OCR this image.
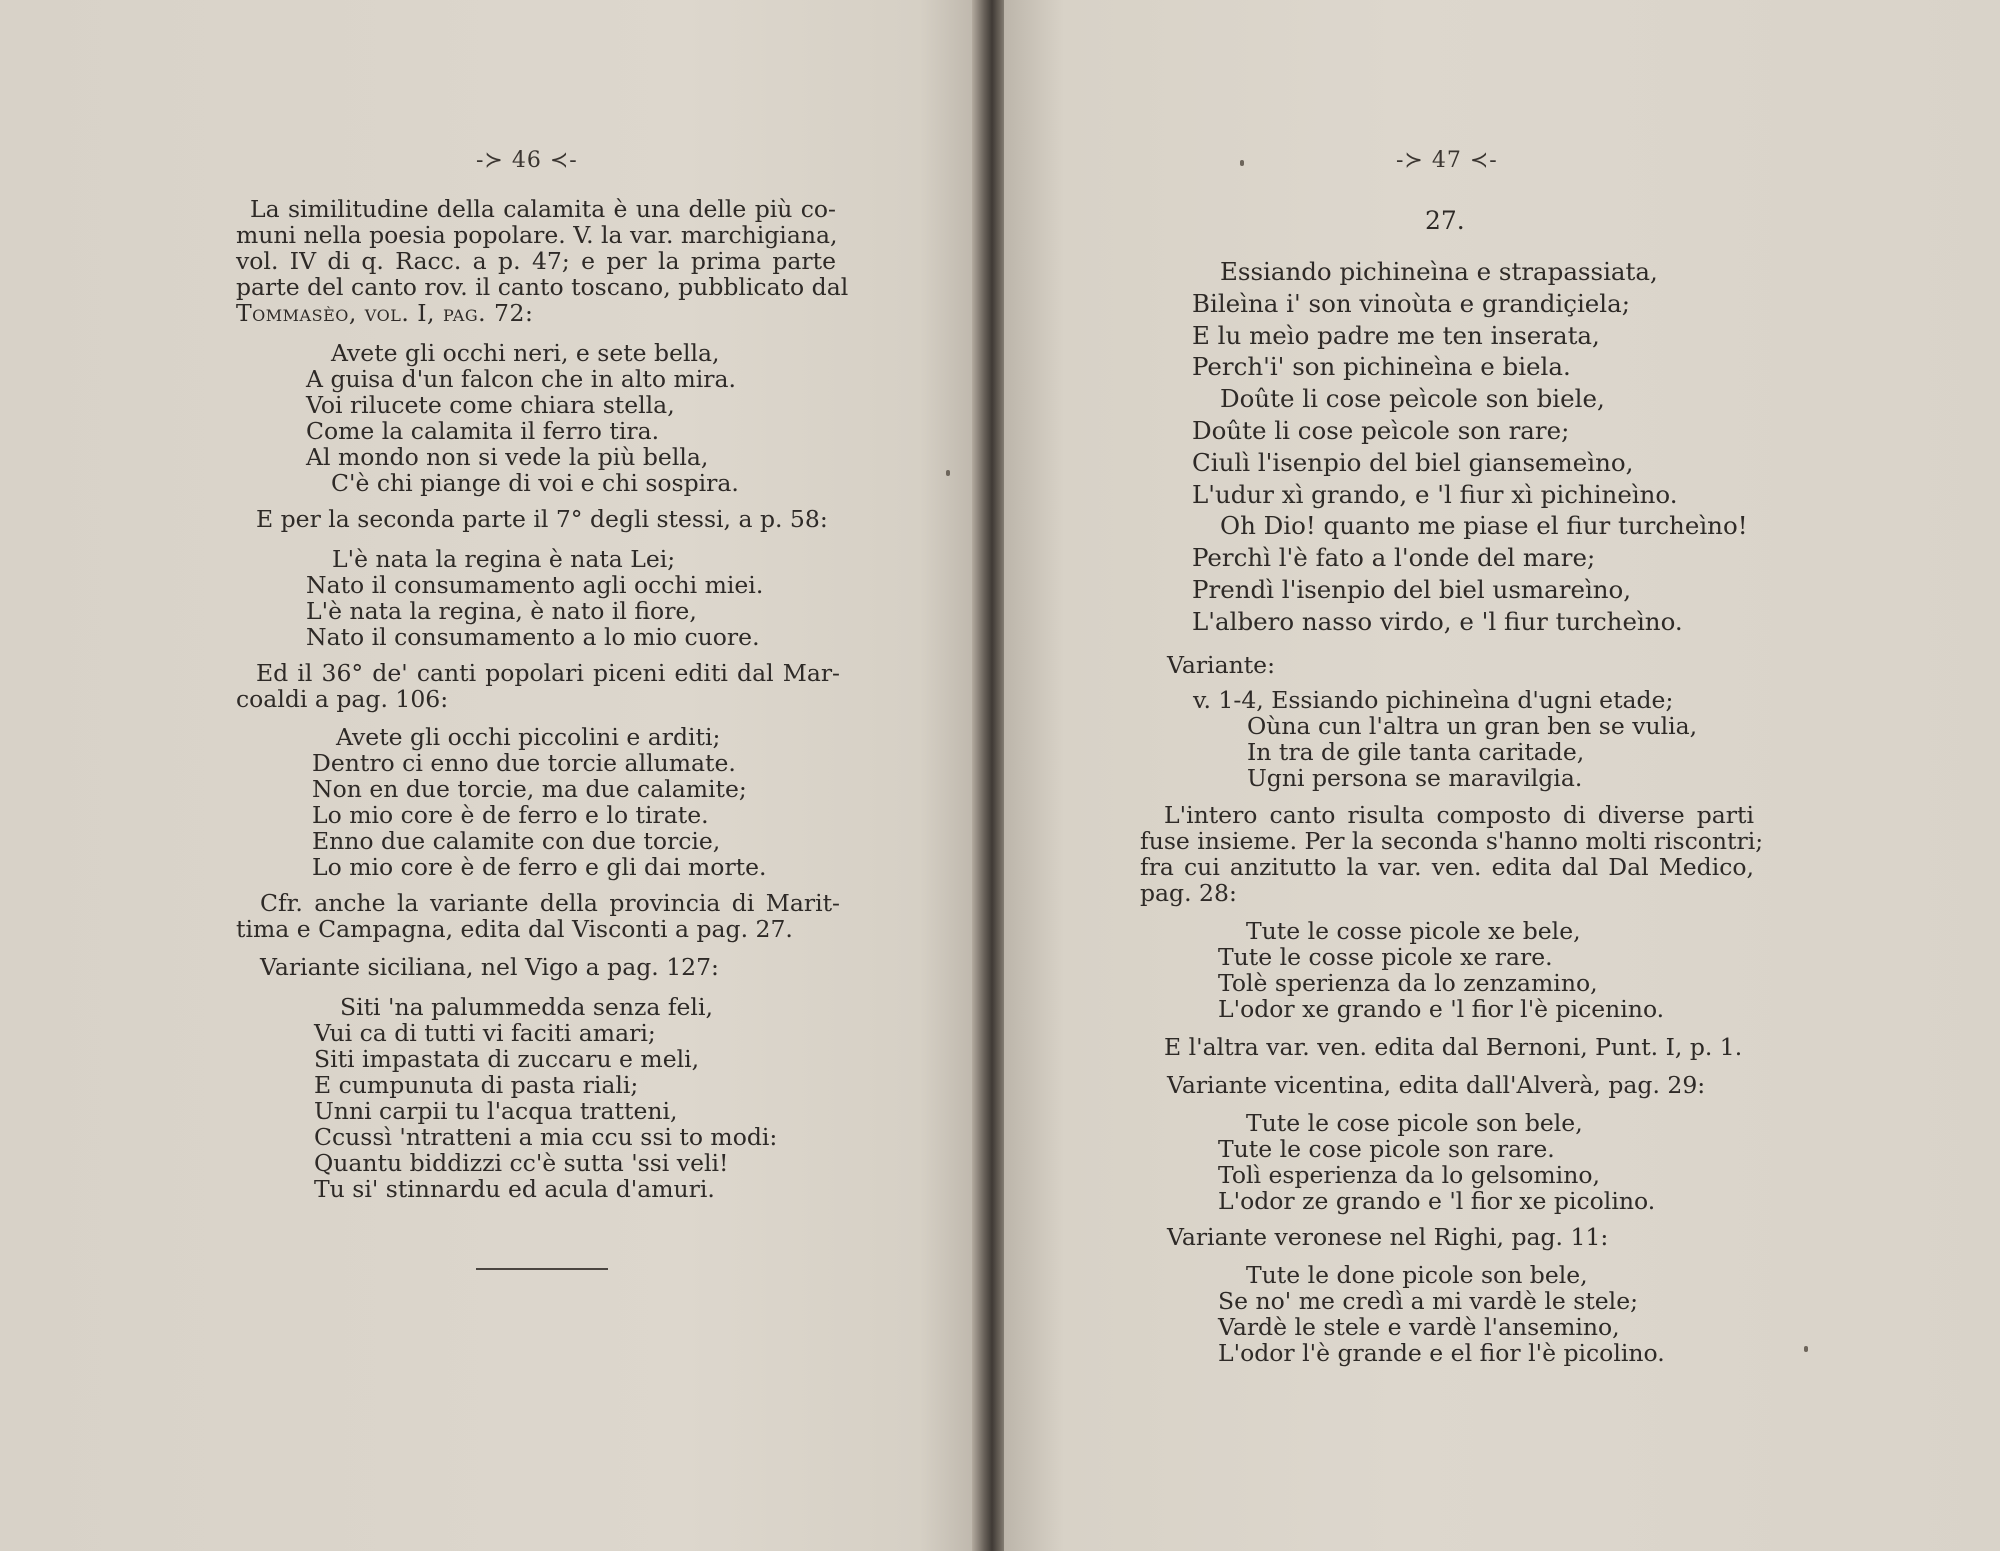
-≻ 46 ≺-
La similitudine della calamita è una delle più co-
muni nella poesia popolare. V. la var. marchigiana,
vol. IV di q. Racc. a p. 47; e per la prima parte
parte del canto rov. il canto toscano, pubblicato dal
Tommasèo, vol. I, pag. 72:
Avete gli occhi neri, e sete bella,
A guisa d'un falcon che in alto mira.
Voi rilucete come chiara stella,
Come la calamita il ferro tira.
Al mondo non si vede la più bella,
C'è chi piange di voi e chi sospira.
E per la seconda parte il 7° degli stessi, a p. 58:
L'è nata la regina è nata Lei;
Nato il consumamento agli occhi miei.
L'è nata la regina, è nato il fiore,
Nato il consumamento a lo mio cuore.
Ed il 36° de' canti popolari piceni editi dal Mar-
coaldi a pag. 106:
Avete gli occhi piccolini e arditi;
Dentro ci enno due torcie allumate.
Non en due torcie, ma due calamite;
Lo mio core è de ferro e lo tirate.
Enno due calamite con due torcie,
Lo mio core è de ferro e gli dai morte.
Cfr. anche la variante della provincia di Marit-
tima e Campagna, edita dal Visconti a pag. 27.
Variante siciliana, nel Vigo a pag. 127:
Siti 'na palummedda senza feli,
Vui ca di tutti vi faciti amari;
Siti impastata di zuccaru e meli,
E cumpunuta di pasta riali;
Unni carpii tu l'acqua tratteni,
Ccussì 'ntratteni a mia ccu ssi to modi:
Quantu biddizzi cc'è sutta 'ssi veli!
Tu si' stinnardu ed acula d'amuri.
-≻ 47 ≺-
27.
Essiando pichineìna e strapassiata,
Bileìna i' son vinoùta e grandiçiela;
E lu meìo padre me ten inserata,
Perch'i' son pichineìna e biela.
Doûte li cose peìcole son biele,
Doûte li cose peìcole son rare;
Ciulì l'isenpio del biel giansemeìno,
L'udur xì grando, e 'l fiur xì pichineìno.
Oh Dio! quanto me piase el fiur turcheìno!
Perchì l'è fato a l'onde del mare;
Prendì l'isenpio del biel usmareìno,
L'albero nasso virdo, e 'l fiur turcheìno.
Variante:
v. 1-4, Essiando pichineìna d'ugni etade;
Oùna cun l'altra un gran ben se vulia,
In tra de gile tanta caritade,
Ugni persona se maravilgia.
L'intero canto risulta composto di diverse parti
fuse insieme. Per la seconda s'hanno molti riscontri;
fra cui anzitutto la var. ven. edita dal Dal Medico,
pag. 28:
Tute le cosse picole xe bele,
Tute le cosse picole xe rare.
Tolè sperienza da lo zenzamino,
L'odor xe grando e 'l fior l'è picenino.
E l'altra var. ven. edita dal Bernoni, Punt. I, p. 1.
Variante vicentina, edita dall'Alverà, pag. 29:
Tute le cose picole son bele,
Tute le cose picole son rare.
Tolì esperienza da lo gelsomino,
L'odor ze grando e 'l fior xe picolino.
Variante veronese nel Righi, pag. 11:
Tute le done picole son bele,
Se no' me credì a mi vardè le stele;
Vardè le stele e vardè l'ansemino,
L'odor l'è grande e el fior l'è picolino.
